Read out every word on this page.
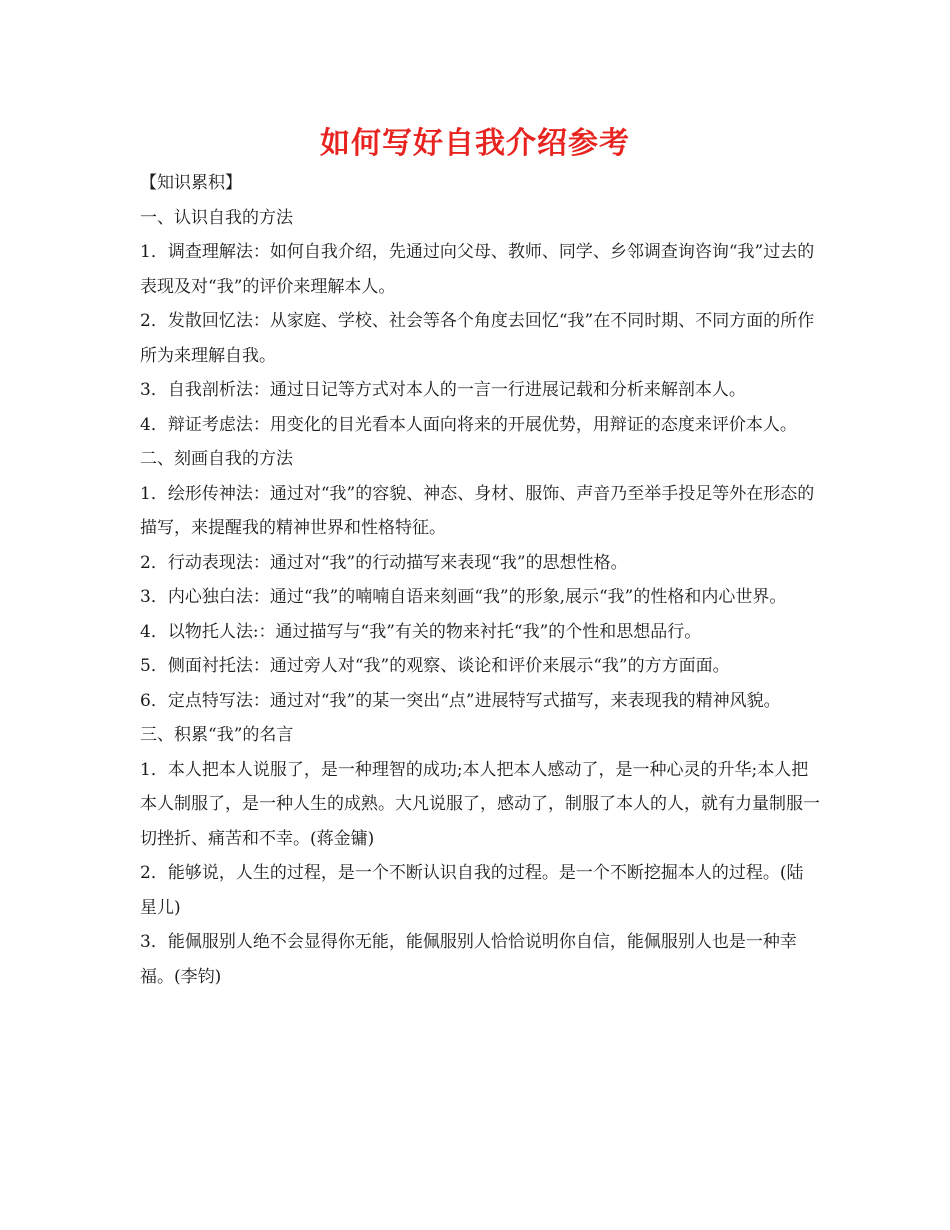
如何写好自我介绍参考

【知识累积】

一、认识自我的方法

1．调查理解法：如何自我介绍，先通过向父母、教师、同学、乡邻调查询咨询“我”过去的表现及对“我”的评价来理解本人。

2．发散回忆法：从家庭、学校、社会等各个角度去回忆“我”在不同时期、不同方面的所作所为来理解自我。

3．自我剖析法：通过日记等方式对本人的一言一行进展记载和分析来解剖本人。

4．辩证考虑法：用变化的目光看本人面向将来的开展优势，用辩证的态度来评价本人。

二、刻画自我的方法

1．绘形传神法：通过对“我”的容貌、神态、身材、服饰、声音乃至举手投足等外在形态的描写，来提醒我的精神世界和性格特征。

2．行动表现法：通过对“我”的行动描写来表现“我”的思想性格。

3．内心独白法：通过“我”的喃喃自语来刻画“我”的形象,展示“我”的性格和内心世界。

4．以物托人法:：通过描写与“我”有关的物来衬托“我”的个性和思想品行。

5．侧面衬托法：通过旁人对“我”的观察、谈论和评价来展示“我”的方方面面。

6．定点特写法：通过对“我”的某一突出“点”进展特写式描写，来表现我的精神风貌。

三、积累“我”的名言

1．本人把本人说服了，是一种理智的成功;本人把本人感动了，是一种心灵的升华;本人把本人制服了，是一种人生的成熟。大凡说服了，感动了，制服了本人的人，就有力量制服一切挫折、痛苦和不幸。(蒋金镛)

2．能够说，人生的过程，是一个不断认识自我的过程。是一个不断挖掘本人的过程。(陆星儿)

3．能佩服别人绝不会显得你无能，能佩服别人恰恰说明你自信，能佩服别人也是一种幸福。(李钧)
